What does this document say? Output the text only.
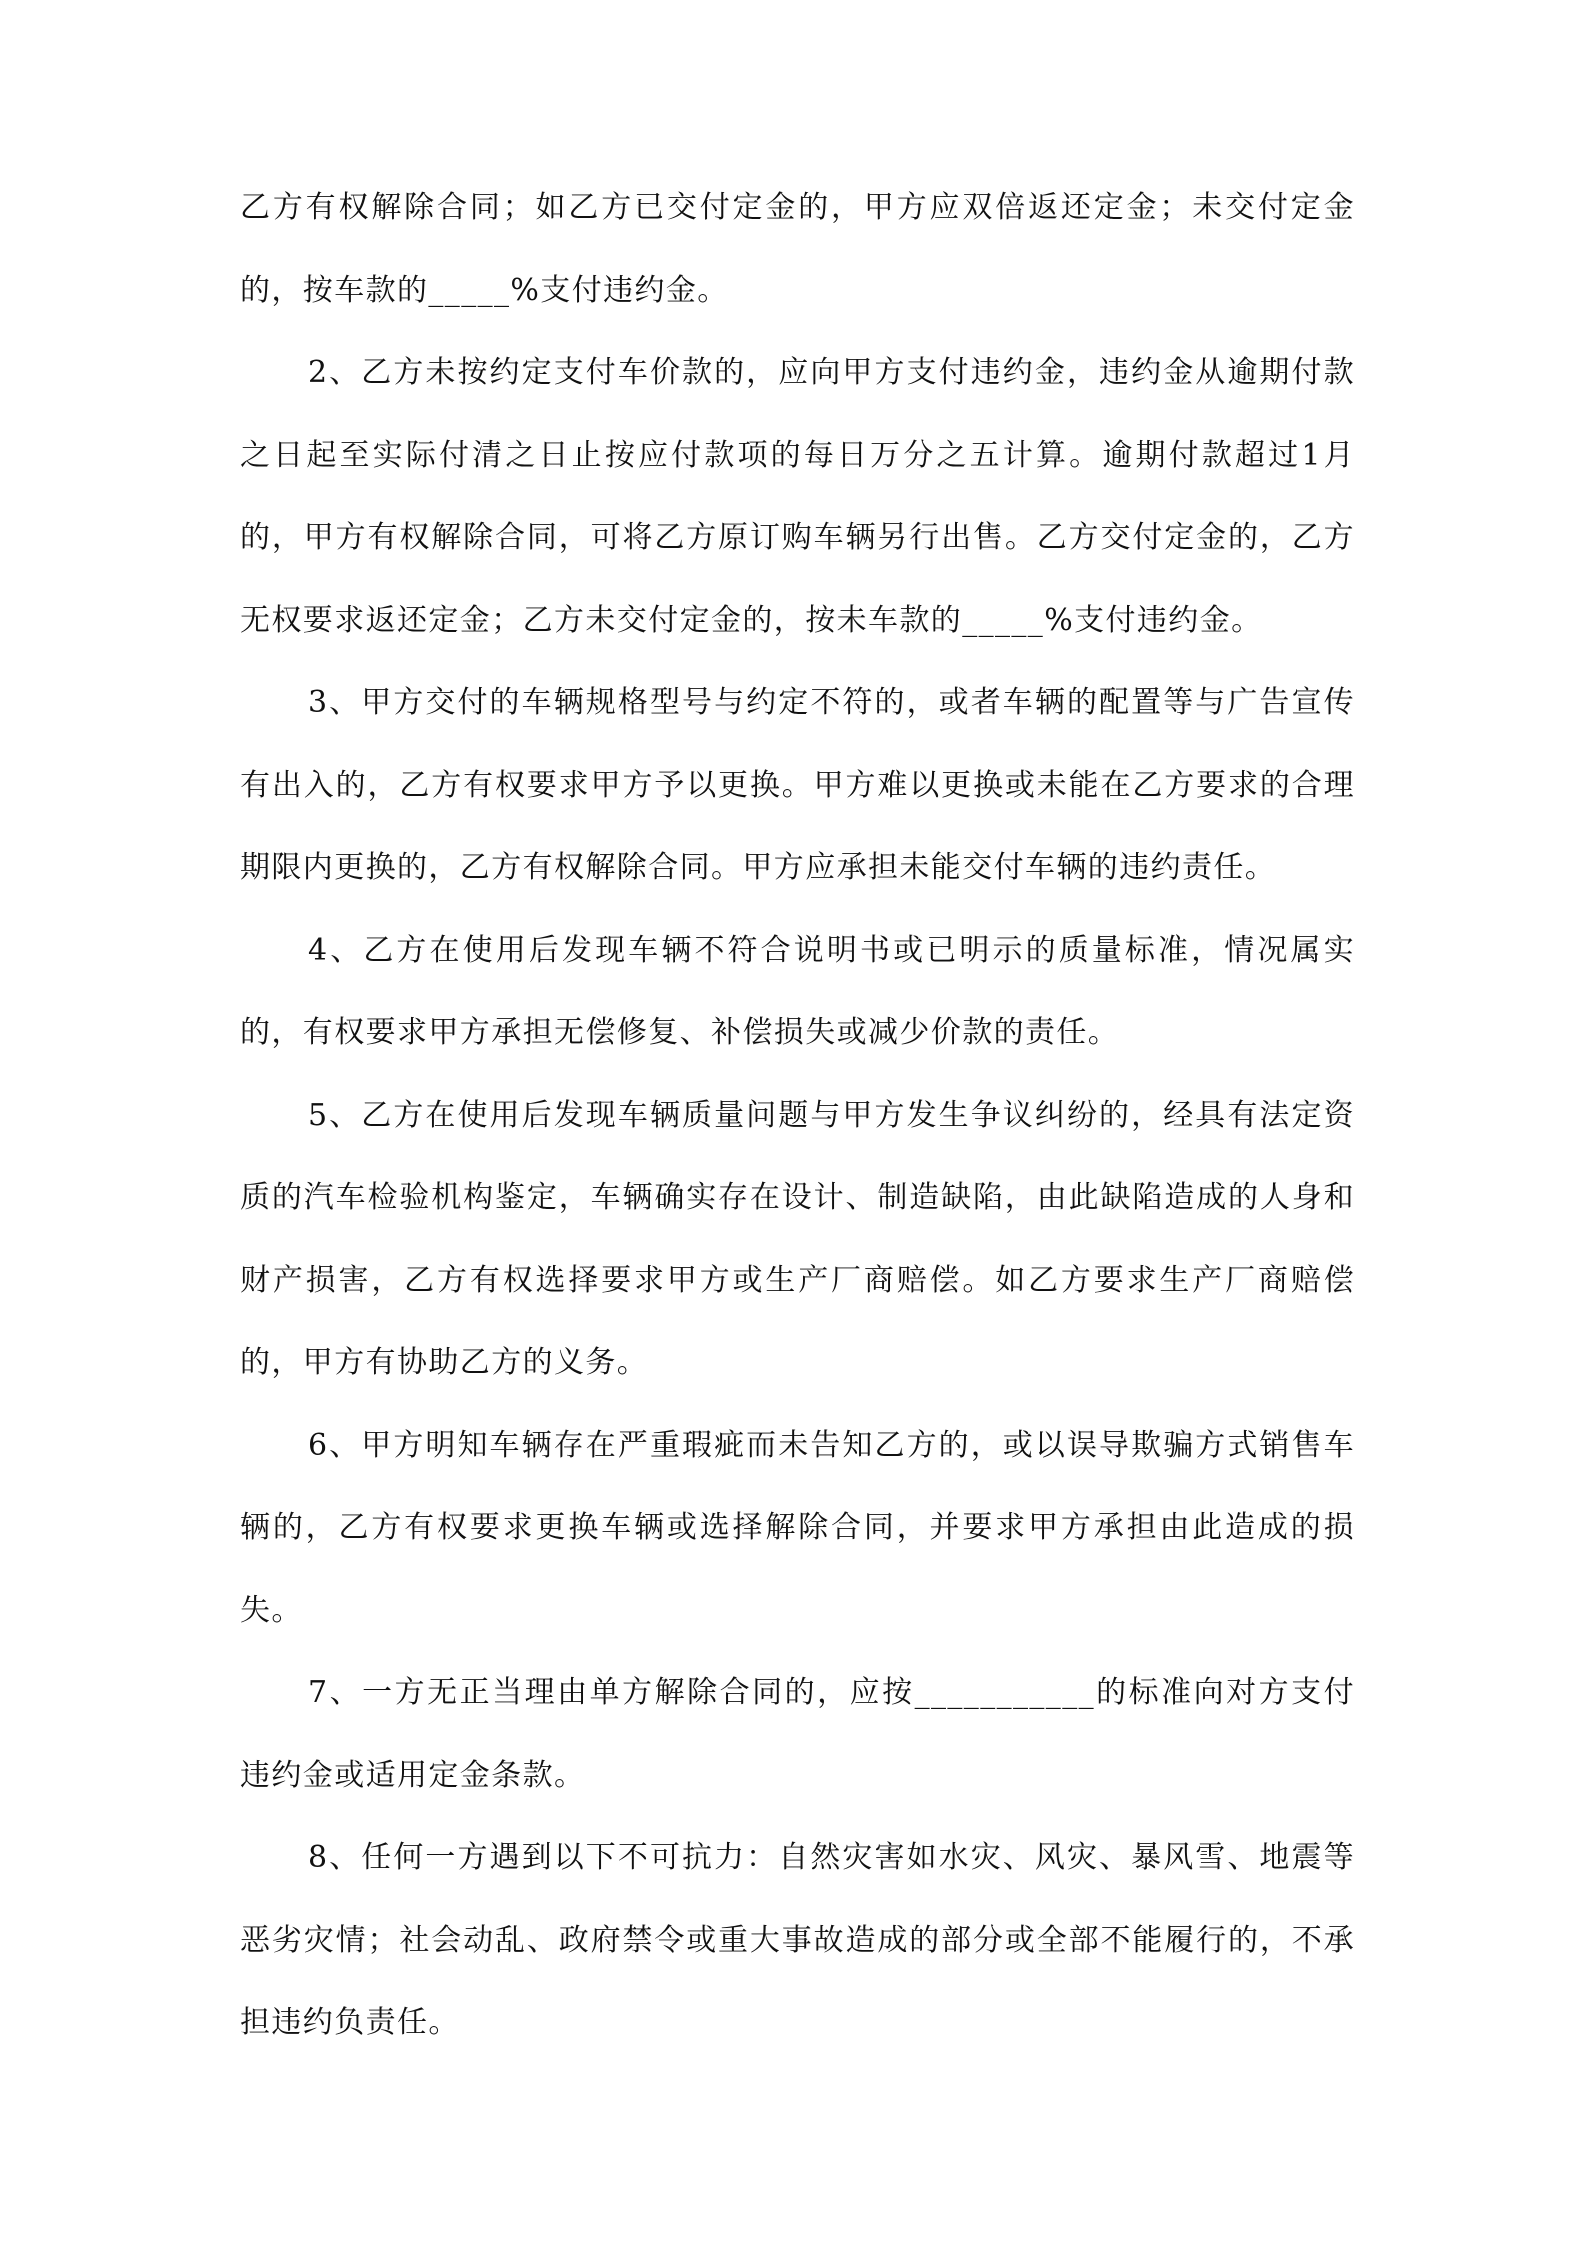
乙方有权解除合同；如乙方已交付定金的，甲方应双倍返还定金；未交付定金的，按车款的_____%支付违约金。

2、乙方未按约定支付车价款的，应向甲方支付违约金，违约金从逾期付款之日起至实际付清之日止按应付款项的每日万分之五计算。逾期付款超过1月的，甲方有权解除合同，可将乙方原订购车辆另行出售。乙方交付定金的，乙方无权要求返还定金；乙方未交付定金的，按未车款的_____%支付违约金。

3、甲方交付的车辆规格型号与约定不符的，或者车辆的配置等与广告宣传有出入的，乙方有权要求甲方予以更换。甲方难以更换或未能在乙方要求的合理期限内更换的，乙方有权解除合同。甲方应承担未能交付车辆的违约责任。

4、乙方在使用后发现车辆不符合说明书或已明示的质量标准，情况属实的，有权要求甲方承担无偿修复、补偿损失或减少价款的责任。

5、乙方在使用后发现车辆质量问题与甲方发生争议纠纷的，经具有法定资质的汽车检验机构鉴定，车辆确实存在设计、制造缺陷，由此缺陷造成的人身和财产损害，乙方有权选择要求甲方或生产厂商赔偿。如乙方要求生产厂商赔偿的，甲方有协助乙方的义务。

6、甲方明知车辆存在严重瑕疵而未告知乙方的，或以误导欺骗方式销售车辆的，乙方有权要求更换车辆或选择解除合同，并要求甲方承担由此造成的损失。

7、一方无正当理由单方解除合同的，应按___________的标准向对方支付违约金或适用定金条款。

8、任何一方遇到以下不可抗力：自然灾害如水灾、风灾、暴风雪、地震等恶劣灾情；社会动乱、政府禁令或重大事故造成的部分或全部不能履行的，不承担违约负责任。
